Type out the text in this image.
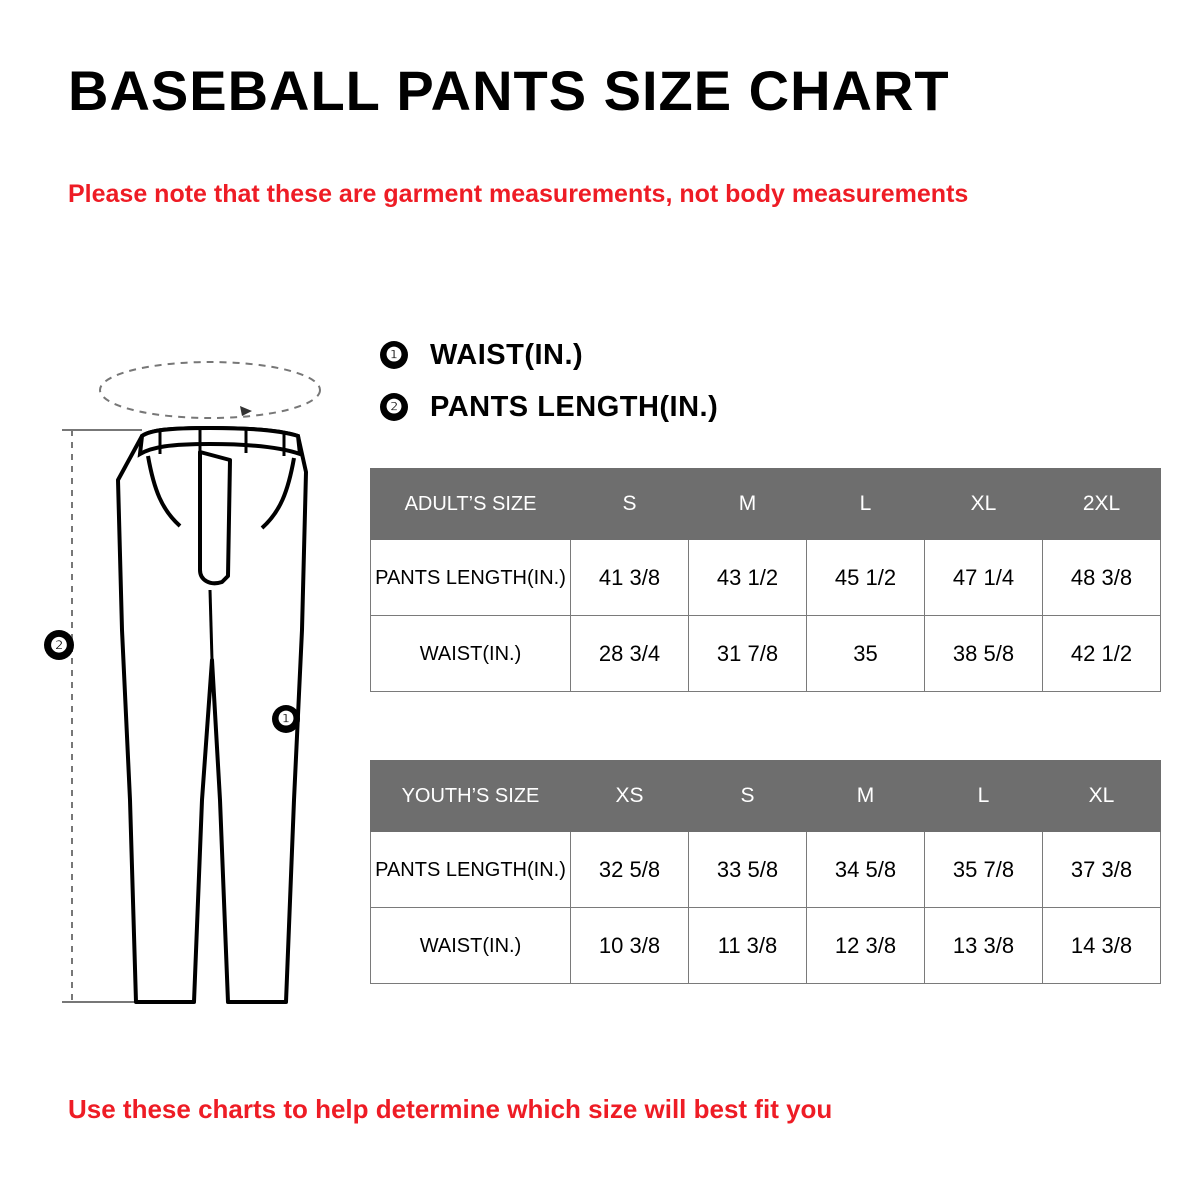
BASEBALL PANTS SIZE CHART
Please note that these are garment measurements, not body measurements
❶ WAIST(IN.)
❷ PANTS LENGTH(IN.)
❶
❷
ADULT’S SIZE	S	M	L	XL	2XL
PANTS LENGTH(IN.)	41 3/8	43 1/2	45 1/2	47 1/4	48 3/8
WAIST(IN.)	28 3/4	31 7/8	35	38 5/8	42 1/2
YOUTH’S SIZE	XS	S	M	L	XL
PANTS LENGTH(IN.)	32 5/8	33 5/8	34 5/8	35 7/8	37 3/8
WAIST(IN.)	10 3/8	11 3/8	12 3/8	13 3/8	14 3/8
Use these charts to help determine which size will best fit you
